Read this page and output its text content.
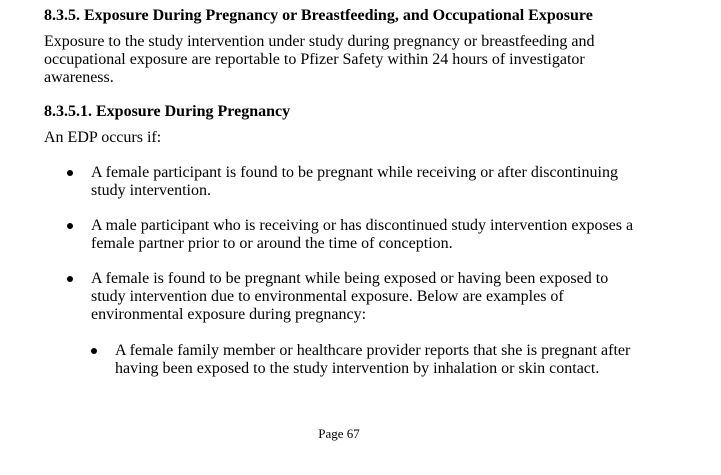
8.3.5. Exposure During Pregnancy or Breastfeeding, and Occupational Exposure
Exposure to the study intervention under study during pregnancy or breastfeeding and
occupational exposure are reportable to Pfizer Safety within 24 hours of investigator
awareness.
8.3.5.1. Exposure During Pregnancy
An EDP occurs if:
A female participant is found to be pregnant while receiving or after discontinuing
study intervention.
A male participant who is receiving or has discontinued study intervention exposes a
female partner prior to or around the time of conception.
A female is found to be pregnant while being exposed or having been exposed to
study intervention due to environmental exposure. Below are examples of
environmental exposure during pregnancy:
A female family member or healthcare provider reports that she is pregnant after
having been exposed to the study intervention by inhalation or skin contact.
Page 67
